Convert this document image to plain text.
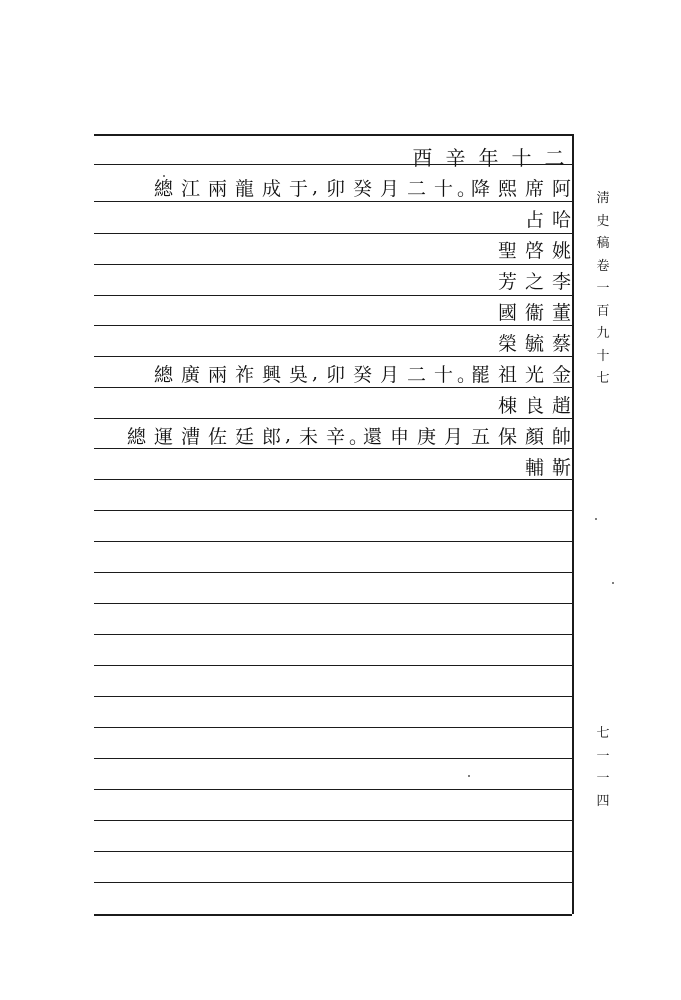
二
十
年
辛
酉
阿
席
熙
降
。
十
二
月
癸
卯
,
于
成
龍
兩
江
總
哈
占
姚
啓
聖
李
之
芳
董
衞
國
蔡
毓
榮
金
光
祖
罷
。
十
二
月
癸
卯
,
吳
興
祚
兩
廣
總
趙
良
棟
帥
顏
保
五
月
庚
申
還
。
辛
未
,
郎
廷
佐
漕
運
總
靳
輔
淸
史
稿
卷
一
百
九
十
七
七
一
一
四
